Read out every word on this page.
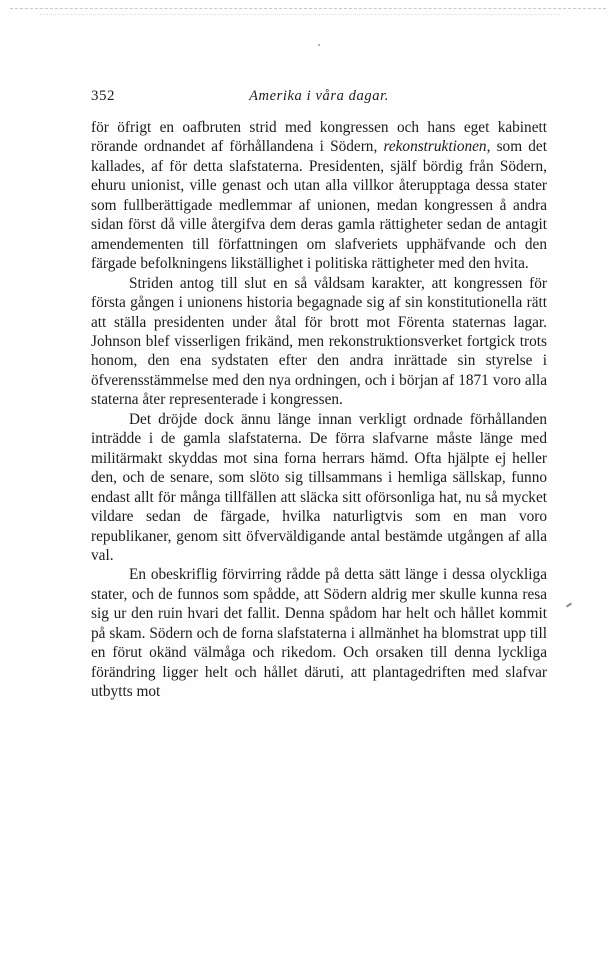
352	Amerika i våra dagar.

för öfrigt en oafbruten strid med kongressen och hans eget kabinett rörande ordnandet af förhållandena i Södern, rekonstruktionen, som det kallades, af för detta slafstaterna. Presidenten, själf bördig från Södern, ehuru unionist, ville genast och utan alla villkor återupptaga dessa stater som fullberättigade medlemmar af unionen, medan kongressen å andra sidan först då ville återgifva dem deras gamla rättigheter sedan de antagit amendementen till författningen om slafveriets upphäfvande och den färgade befolkningens likställighet i politiska rättigheter med den hvita.

Striden antog till slut en så våldsam karakter, att kongressen för första gången i unionens historia begagnade sig af sin konstitutionella rätt att ställa presidenten under åtal för brott mot Förenta staternas lagar. Johnson blef visserligen frikänd, men rekonstruktionsverket fortgick trots honom, den ena sydstaten efter den andra inrättade sin styrelse i öfverensstämmelse med den nya ordningen, och i början af 1871 voro alla staterna åter representerade i kongressen.

Det dröjde dock ännu länge innan verkligt ordnade förhållanden inträdde i de gamla slafstaterna. De förra slafvarne måste länge med militärmakt skyddas mot sina forna herrars hämd. Ofta hjälpte ej heller den, och de senare, som slöto sig tillsammans i hemliga sällskap, funno endast allt för många tillfällen att släcka sitt oförsonliga hat, nu så mycket vildare sedan de färgade, hvilka naturligtvis som en man voro republikaner, genom sitt öfverväldigande antal bestämde utgången af alla val.

En obeskriflig förvirring rådde på detta sätt länge i dessa olyckliga stater, och de funnos som spådde, att Södern aldrig mer skulle kunna resa sig ur den ruin hvari det fallit. Denna spådom har helt och hållet kommit på skam. Södern och de forna slafstaterna i allmänhet ha blomstrat upp till en förut okänd välmåga och rikedom. Och orsaken till denna lyckliga förändring ligger helt och hållet däruti, att plantagedriften med slafvar utbytts mot
